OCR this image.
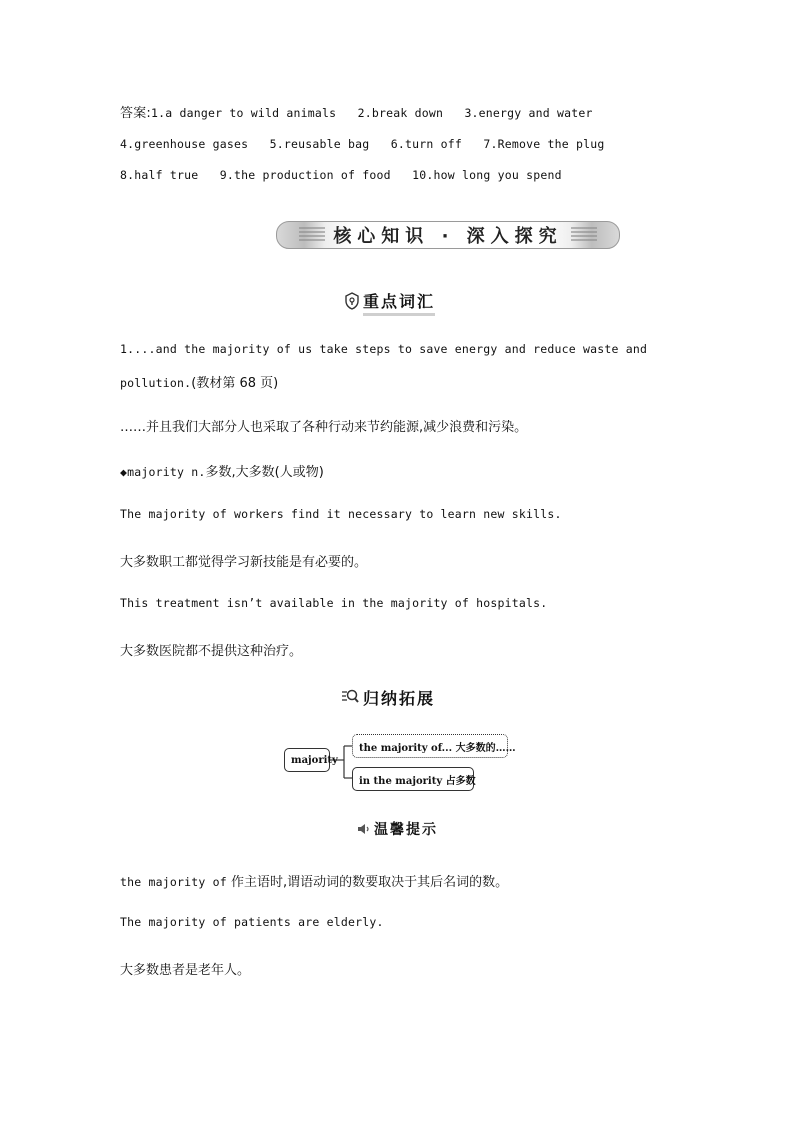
答案:1.a danger to wild animals 2.break down 3.energy and water   4.greenhouse gases 5.reusable bag 6.turn off 7.Remove the plug   8.half true 9.the production of food 10.how long you spend
核心知识 · 深入探究
重点词汇
1....and the majority of us take steps to save energy and reduce waste and
pollution.(教材第 68 页)
……并且我们大部分人也采取了各种行动来节约能源,减少浪费和污染。
◆majority n.多数,大多数(人或物)
The majority of workers find it necessary to learn new skills.
大多数职工都觉得学习新技能是有必要的。
This treatment isn’t available in the majority of hospitals.
大多数医院都不提供这种治疗。
归纳拓展
majority
the majority of... 大多数的……
in the majority 占多数
温馨提示
the majority of 作主语时,谓语动词的数要取决于其后名词的数。
The majority of patients are elderly.
大多数患者是老年人。
